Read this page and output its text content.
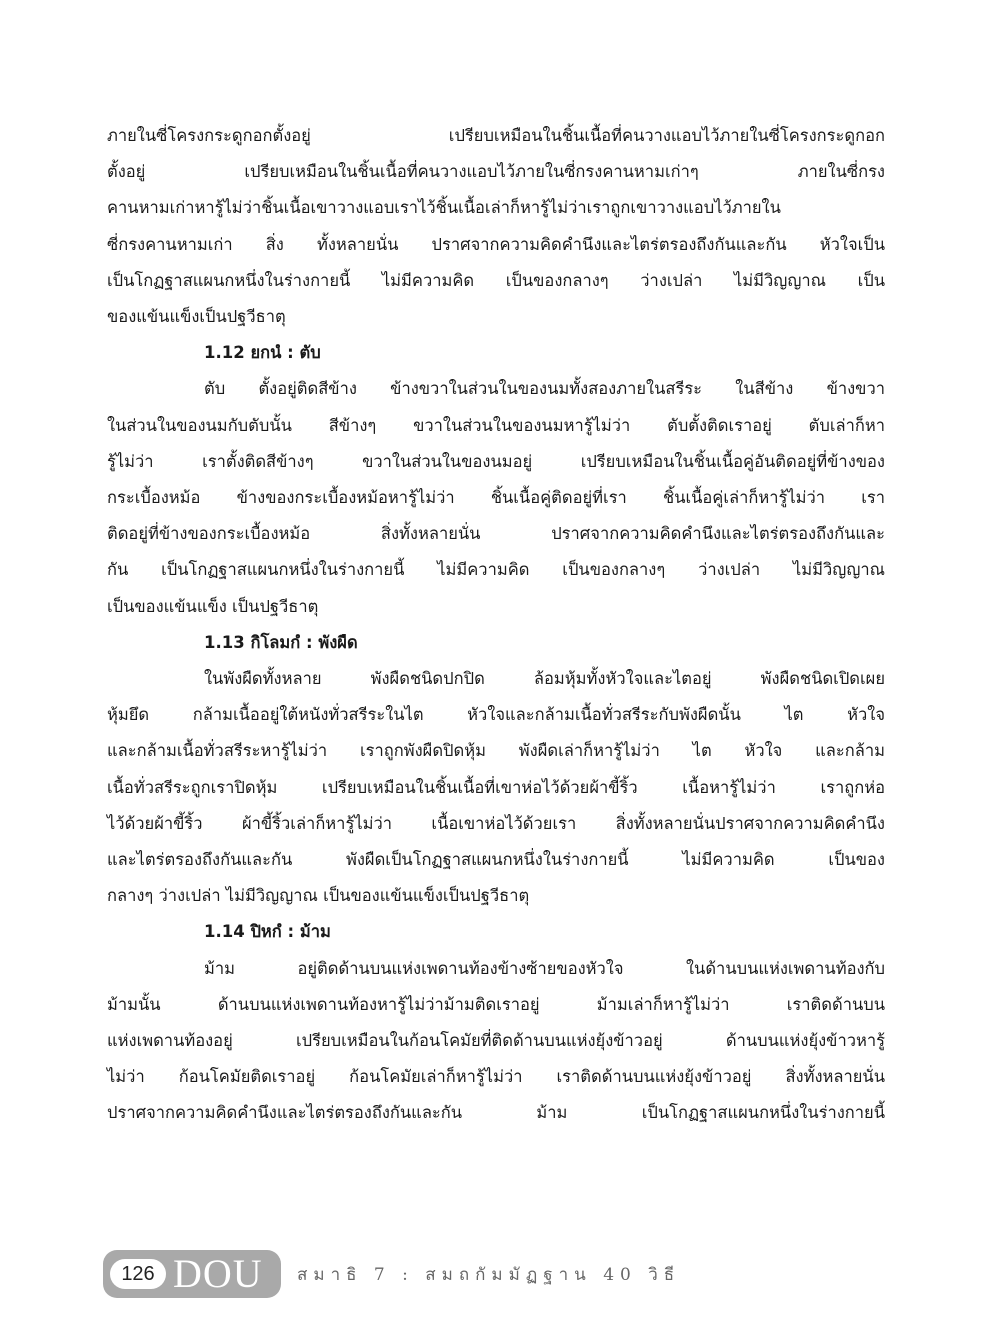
ภายในซี่โครงกระดูกอกตั้งอยู่ เปรียบเหมือนในชิ้นเนื้อที่คนวางแอบไว้ภายในซี่โครงกระดูกอก
ตั้งอยู่ เปรียบเหมือนในชิ้นเนื้อที่คนวางแอบไว้ภายในซี่กรงคานหามเก่าๆ ภายในซี่กรง
คานหามเก่าหารู้ไม่ว่าชิ้นเนื้อเขาวางแอบเราไว้ชิ้นเนื้อเล่าก็หารู้ไม่ว่าเราถูกเขาวางแอบไว้ภายใน
ซี่กรงคานหามเก่า สิ่ง ทั้งหลายนั่น ปราศจากความคิดคำนึงและไตร่ตรองถึงกันและกัน หัวใจเป็น
เป็นโกฏฐาสแผนกหนึ่งในร่างกายนี้ ไม่มีความคิด เป็นของกลางๆ ว่างเปล่า ไม่มีวิญญาณ เป็น
ของแข้นแข็งเป็นปฐวีธาตุ
1.12 ยกนํ : ตับ
ตับ ตั้งอยู่ติดสีข้าง ข้างขวาในส่วนในของนมทั้งสองภายในสรีระ ในสีข้าง ข้างขวา
ในส่วนในของนมกับตับนั้น สีข้างๆ ขวาในส่วนในของนมหารู้ไม่ว่า ตับตั้งติดเราอยู่ ตับเล่าก็หา
รู้ไม่ว่า เราตั้งติดสีข้างๆ ขวาในส่วนในของนมอยู่ เปรียบเหมือนในชิ้นเนื้อคู่อันติดอยู่ที่ข้างของ
กระเบื้องหม้อ ข้างของกระเบื้องหม้อหารู้ไม่ว่า ชิ้นเนื้อคู่ติดอยู่ที่เรา ชิ้นเนื้อคู่เล่าก็หารู้ไม่ว่า เรา
ติดอยู่ที่ข้างของกระเบื้องหม้อ สิ่งทั้งหลายนั่น ปราศจากความคิดคำนึงและไตร่ตรองถึงกันและ
กัน เป็นโกฏฐาสแผนกหนึ่งในร่างกายนี้ ไม่มีความคิด เป็นของกลางๆ ว่างเปล่า ไม่มีวิญญาณ
เป็นของแข้นแข็ง เป็นปฐวีธาตุ
1.13 กิโลมกํ : พังผืด
ในพังผืดทั้งหลาย พังผืดชนิดปกปิด ล้อมหุ้มทั้งหัวใจและไตอยู่ พังผืดชนิดเปิดเผย
หุ้มยึด กล้ามเนื้ออยู่ใต้หนังทั่วสรีระในไต หัวใจและกล้ามเนื้อทั่วสรีระกับพังผืดนั้น ไต หัวใจ
และกล้ามเนื้อทั่วสรีระหารู้ไม่ว่า เราถูกพังผืดปิดหุ้ม พังผืดเล่าก็หารู้ไม่ว่า ไต หัวใจ และกล้าม
เนื้อทั่วสรีระถูกเราปิดหุ้ม เปรียบเหมือนในชิ้นเนื้อที่เขาห่อไว้ด้วยผ้าขี้ริ้ว เนื้อหารู้ไม่ว่า เราถูกห่อ
ไว้ด้วยผ้าขี้ริ้ว ผ้าขี้ริ้วเล่าก็หารู้ไม่ว่า เนื้อเขาห่อไว้ด้วยเรา สิ่งทั้งหลายนั่นปราศจากความคิดคำนึง
และไตร่ตรองถึงกันและกัน พังผืดเป็นโกฏฐาสแผนกหนึ่งในร่างกายนี้ ไม่มีความคิด เป็นของ
กลางๆ ว่างเปล่า ไม่มีวิญญาณ เป็นของแข้นแข็งเป็นปฐวีธาตุ
1.14 ปิหกํ : ม้าม
ม้าม อยู่ติดด้านบนแห่งเพดานท้องข้างซ้ายของหัวใจ ในด้านบนแห่งเพดานท้องกับ
ม้ามนั้น ด้านบนแห่งเพดานท้องหารู้ไม่ว่าม้ามติดเราอยู่ ม้ามเล่าก็หารู้ไม่ว่า เราติดด้านบน
แห่งเพดานท้องอยู่ เปรียบเหมือนในก้อนโคมัยที่ติดด้านบนแห่งยุ้งข้าวอยู่ ด้านบนแห่งยุ้งข้าวหารู้
ไม่ว่า ก้อนโคมัยติดเราอยู่ ก้อนโคมัยเล่าก็หารู้ไม่ว่า เราติดด้านบนแห่งยุ้งข้าวอยู่ สิ่งทั้งหลายนั่น
ปราศจากความคิดคำนึงและไตร่ตรองถึงกันและกัน ม้าม เป็นโกฏฐาสแผนกหนึ่งในร่างกายนี้
126 DOU สมาธิ 7 : สมถกัมมัฏฐาน 40 วิธี
